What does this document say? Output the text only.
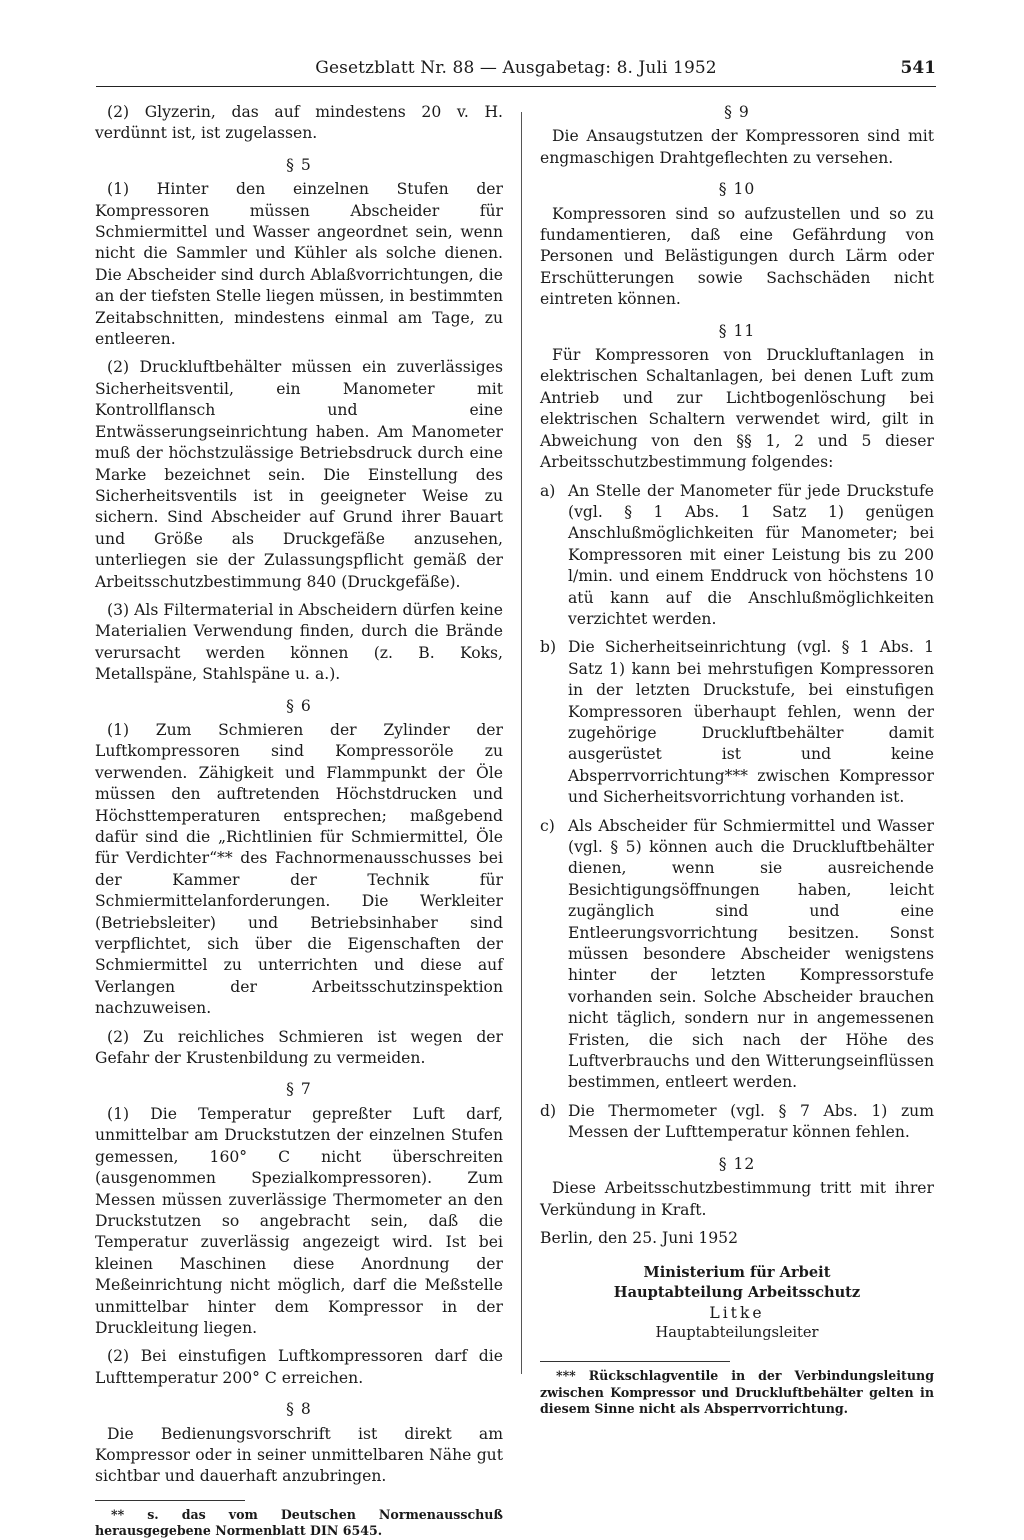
Gesetzblatt Nr. 88 — Ausgabetag: 8. Juli 1952	541

(2) Glyzerin, das auf mindestens 20 v. H. verdünnt ist, ist zugelassen.

§ 5

(1) Hinter den einzelnen Stufen der Kompressoren müssen Abscheider für Schmiermittel und Wasser angeordnet sein, wenn nicht die Sammler und Kühler als solche dienen. Die Abscheider sind durch Ablaßvorrichtungen, die an der tiefsten Stelle liegen müssen, in bestimmten Zeitabschnitten, mindestens einmal am Tage, zu entleeren.

(2) Druckluftbehälter müssen ein zuverlässiges Sicherheitsventil, ein Manometer mit Kontrollflansch und eine Entwässerungseinrichtung haben. Am Manometer muß der höchstzulässige Betriebsdruck durch eine Marke bezeichnet sein. Die Einstellung des Sicherheitsventils ist in geeigneter Weise zu sichern. Sind Abscheider auf Grund ihrer Bauart und Größe als Druckgefäße anzusehen, unterliegen sie der Zulassungspflicht gemäß der Arbeitsschutzbestimmung 840 (Druckgefäße).

(3) Als Filtermaterial in Abscheidern dürfen keine Materialien Verwendung finden, durch die Brände verursacht werden können (z. B. Koks, Metallspäne, Stahlspäne u. a.).

§ 6

(1) Zum Schmieren der Zylinder der Luftkompressoren sind Kompressoröle zu verwenden. Zähigkeit und Flammpunkt der Öle müssen den auftretenden Höchstdrucken und Höchsttemperaturen entsprechen; maßgebend dafür sind die „Richtlinien für Schmiermittel, Öle für Verdichter“** des Fachnormenausschusses bei der Kammer der Technik für Schmiermittelanforderungen. Die Werkleiter (Betriebsleiter) und Betriebsinhaber sind verpflichtet, sich über die Eigenschaften der Schmiermittel zu unterrichten und diese auf Verlangen der Arbeitsschutzinspektion nachzuweisen.

(2) Zu reichliches Schmieren ist wegen der Gefahr der Krustenbildung zu vermeiden.

§ 7

(1) Die Temperatur gepreßter Luft darf, unmittelbar am Druckstutzen der einzelnen Stufen gemessen, 160° C nicht überschreiten (ausgenommen Spezialkompressoren). Zum Messen müssen zuverlässige Thermometer an den Druckstutzen so angebracht sein, daß die Temperatur zuverlässig angezeigt wird. Ist bei kleinen Maschinen diese Anordnung der Meßeinrichtung nicht möglich, darf die Meßstelle unmittelbar hinter dem Kompressor in der Druckleitung liegen.

(2) Bei einstufigen Luftkompressoren darf die Lufttemperatur 200° C erreichen.

§ 8

Die Bedienungsvorschrift ist direkt am Kompressor oder in seiner unmittelbaren Nähe gut sichtbar und dauerhaft anzubringen.

** s. das vom Deutschen Normenausschuß herausgegebene Normenblatt DIN 6545.
§ 9

Die Ansaugstutzen der Kompressoren sind mit engmaschigen Drahtgeflechten zu versehen.

§ 10

Kompressoren sind so aufzustellen und so zu fundamentieren, daß eine Gefährdung von Personen und Belästigungen durch Lärm oder Erschütterungen sowie Sachschäden nicht eintreten können.

§ 11

Für Kompressoren von Druckluftanlagen in elektrischen Schaltanlagen, bei denen Luft zum Antrieb und zur Lichtbogenlöschung bei elektrischen Schaltern verwendet wird, gilt in Abweichung von den §§ 1, 2 und 5 dieser Arbeitsschutzbestimmung folgendes:

a) An Stelle der Manometer für jede Druckstufe (vgl. § 1 Abs. 1 Satz 1) genügen Anschlußmöglichkeiten für Manometer; bei Kompressoren mit einer Leistung bis zu 200 l/min. und einem Enddruck von höchstens 10 atü kann auf die Anschlußmöglichkeiten verzichtet werden.
b) Die Sicherheitseinrichtung (vgl. § 1 Abs. 1 Satz 1) kann bei mehrstufigen Kompressoren in der letzten Druckstufe, bei einstufigen Kompressoren überhaupt fehlen, wenn der zugehörige Druckluftbehälter damit ausgerüstet ist und keine Absperrvorrichtung*** zwischen Kompressor und Sicherheitsvorrichtung vorhanden ist.
c) Als Abscheider für Schmiermittel und Wasser (vgl. § 5) können auch die Druckluftbehälter dienen, wenn sie ausreichende Besichtigungsöffnungen haben, leicht zugänglich sind und eine Entleerungsvorrichtung besitzen. Sonst müssen besondere Abscheider wenigstens hinter der letzten Kompressorstufe vorhanden sein. Solche Abscheider brauchen nicht täglich, sondern nur in angemessenen Fristen, die sich nach der Höhe des Luftverbrauchs und den Witterungseinflüssen bestimmen, entleert werden.
d) Die Thermometer (vgl. § 7 Abs. 1) zum Messen der Lufttemperatur können fehlen.
§ 12

Diese Arbeitsschutzbestimmung tritt mit ihrer Verkündung in Kraft.

Berlin, den 25. Juni 1952

Ministerium für Arbeit
Hauptabteilung Arbeitsschutz
Litke
Hauptabteilungsleiter
*** Rückschlagventile in der Verbindungsleitung zwischen Kompressor und Druckluftbehälter gelten in diesem Sinne nicht als Absperrvorrichtung.
